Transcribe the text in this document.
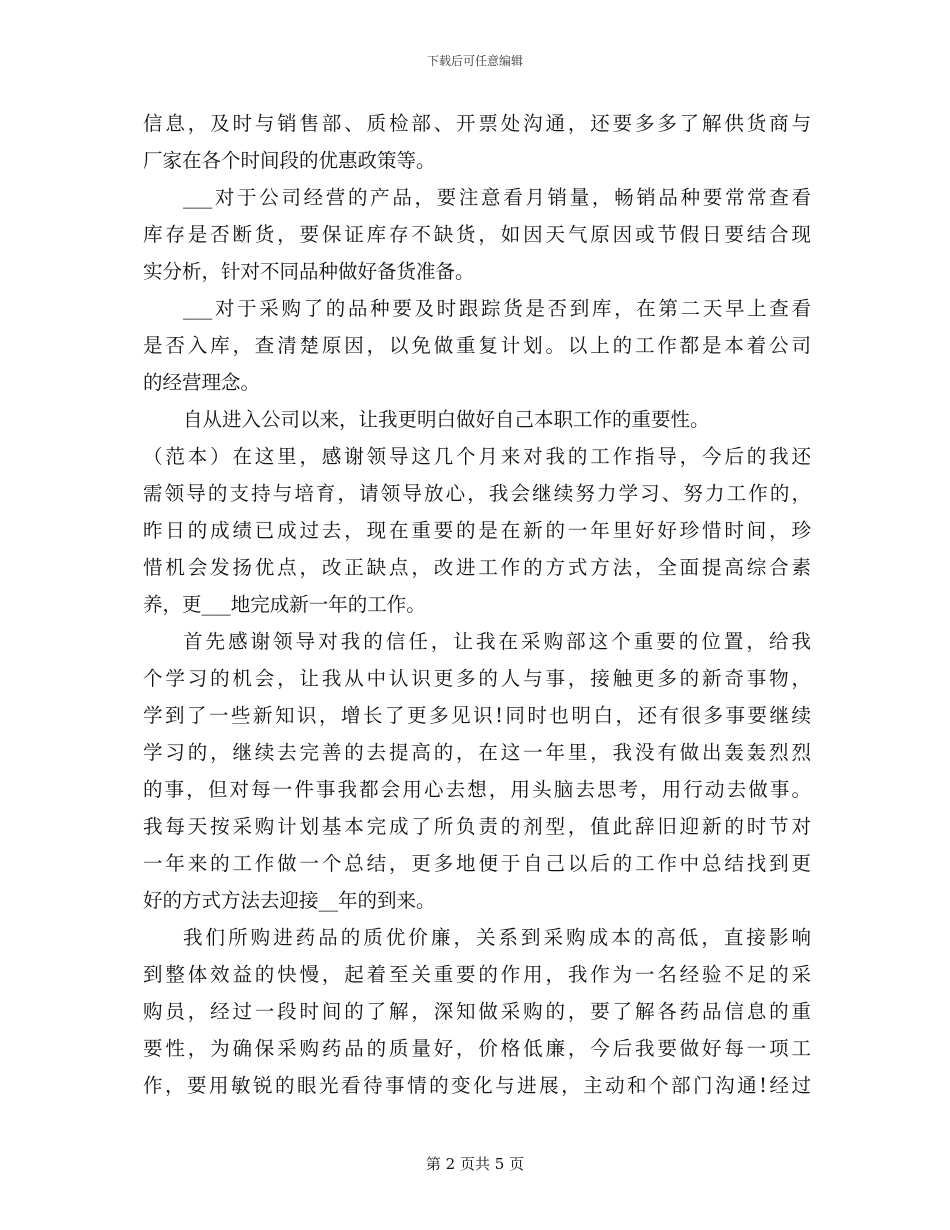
下载后可任意编辑
信息，及时与销售部、质检部、开票处沟通，还要多多了解供货商与
厂家在各个时间段的优惠政策等。
___对于公司经营的产品，要注意看月销量，畅销品种要常常查看
库存是否断货，要保证库存不缺货，如因天气原因或节假日要结合现
实分析，针对不同品种做好备货准备。
___对于采购了的品种要及时跟踪货是否到库，在第二天早上查看
是否入库，查清楚原因，以免做重复计划。以上的工作都是本着公司
的经营理念。
自从进入公司以来，让我更明白做好自己本职工作的重要性。
（范本）在这里，感谢领导这几个月来对我的工作指导，今后的我还
需领导的支持与培育，请领导放心，我会继续努力学习、努力工作的，
昨日的成绩已成过去，现在重要的是在新的一年里好好珍惜时间，珍
惜机会发扬优点，改正缺点，改进工作的方式方法，全面提高综合素
养，更___地完成新一年的工作。
首先感谢领导对我的信任，让我在采购部这个重要的位置，给我
个学习的机会，让我从中认识更多的人与事，接触更多的新奇事物，
学到了一些新知识，增长了更多见识!同时也明白，还有很多事要继续
学习的，继续去完善的去提高的，在这一年里，我没有做出轰轰烈烈
的事，但对每一件事我都会用心去想，用头脑去思考，用行动去做事。
我每天按采购计划基本完成了所负责的剂型，值此辞旧迎新的时节对
一年来的工作做一个总结，更多地便于自己以后的工作中总结找到更
好的方式方法去迎接__年的到来。
我们所购进药品的质优价廉，关系到采购成本的高低，直接影响
到整体效益的快慢，起着至关重要的作用，我作为一名经验不足的采
购员，经过一段时间的了解，深知做采购的，要了解各药品信息的重
要性，为确保采购药品的质量好，价格低廉，今后我要做好每一项工
作，要用敏锐的眼光看待事情的变化与进展，主动和个部门沟通!经过
第 2 页共 5 页
